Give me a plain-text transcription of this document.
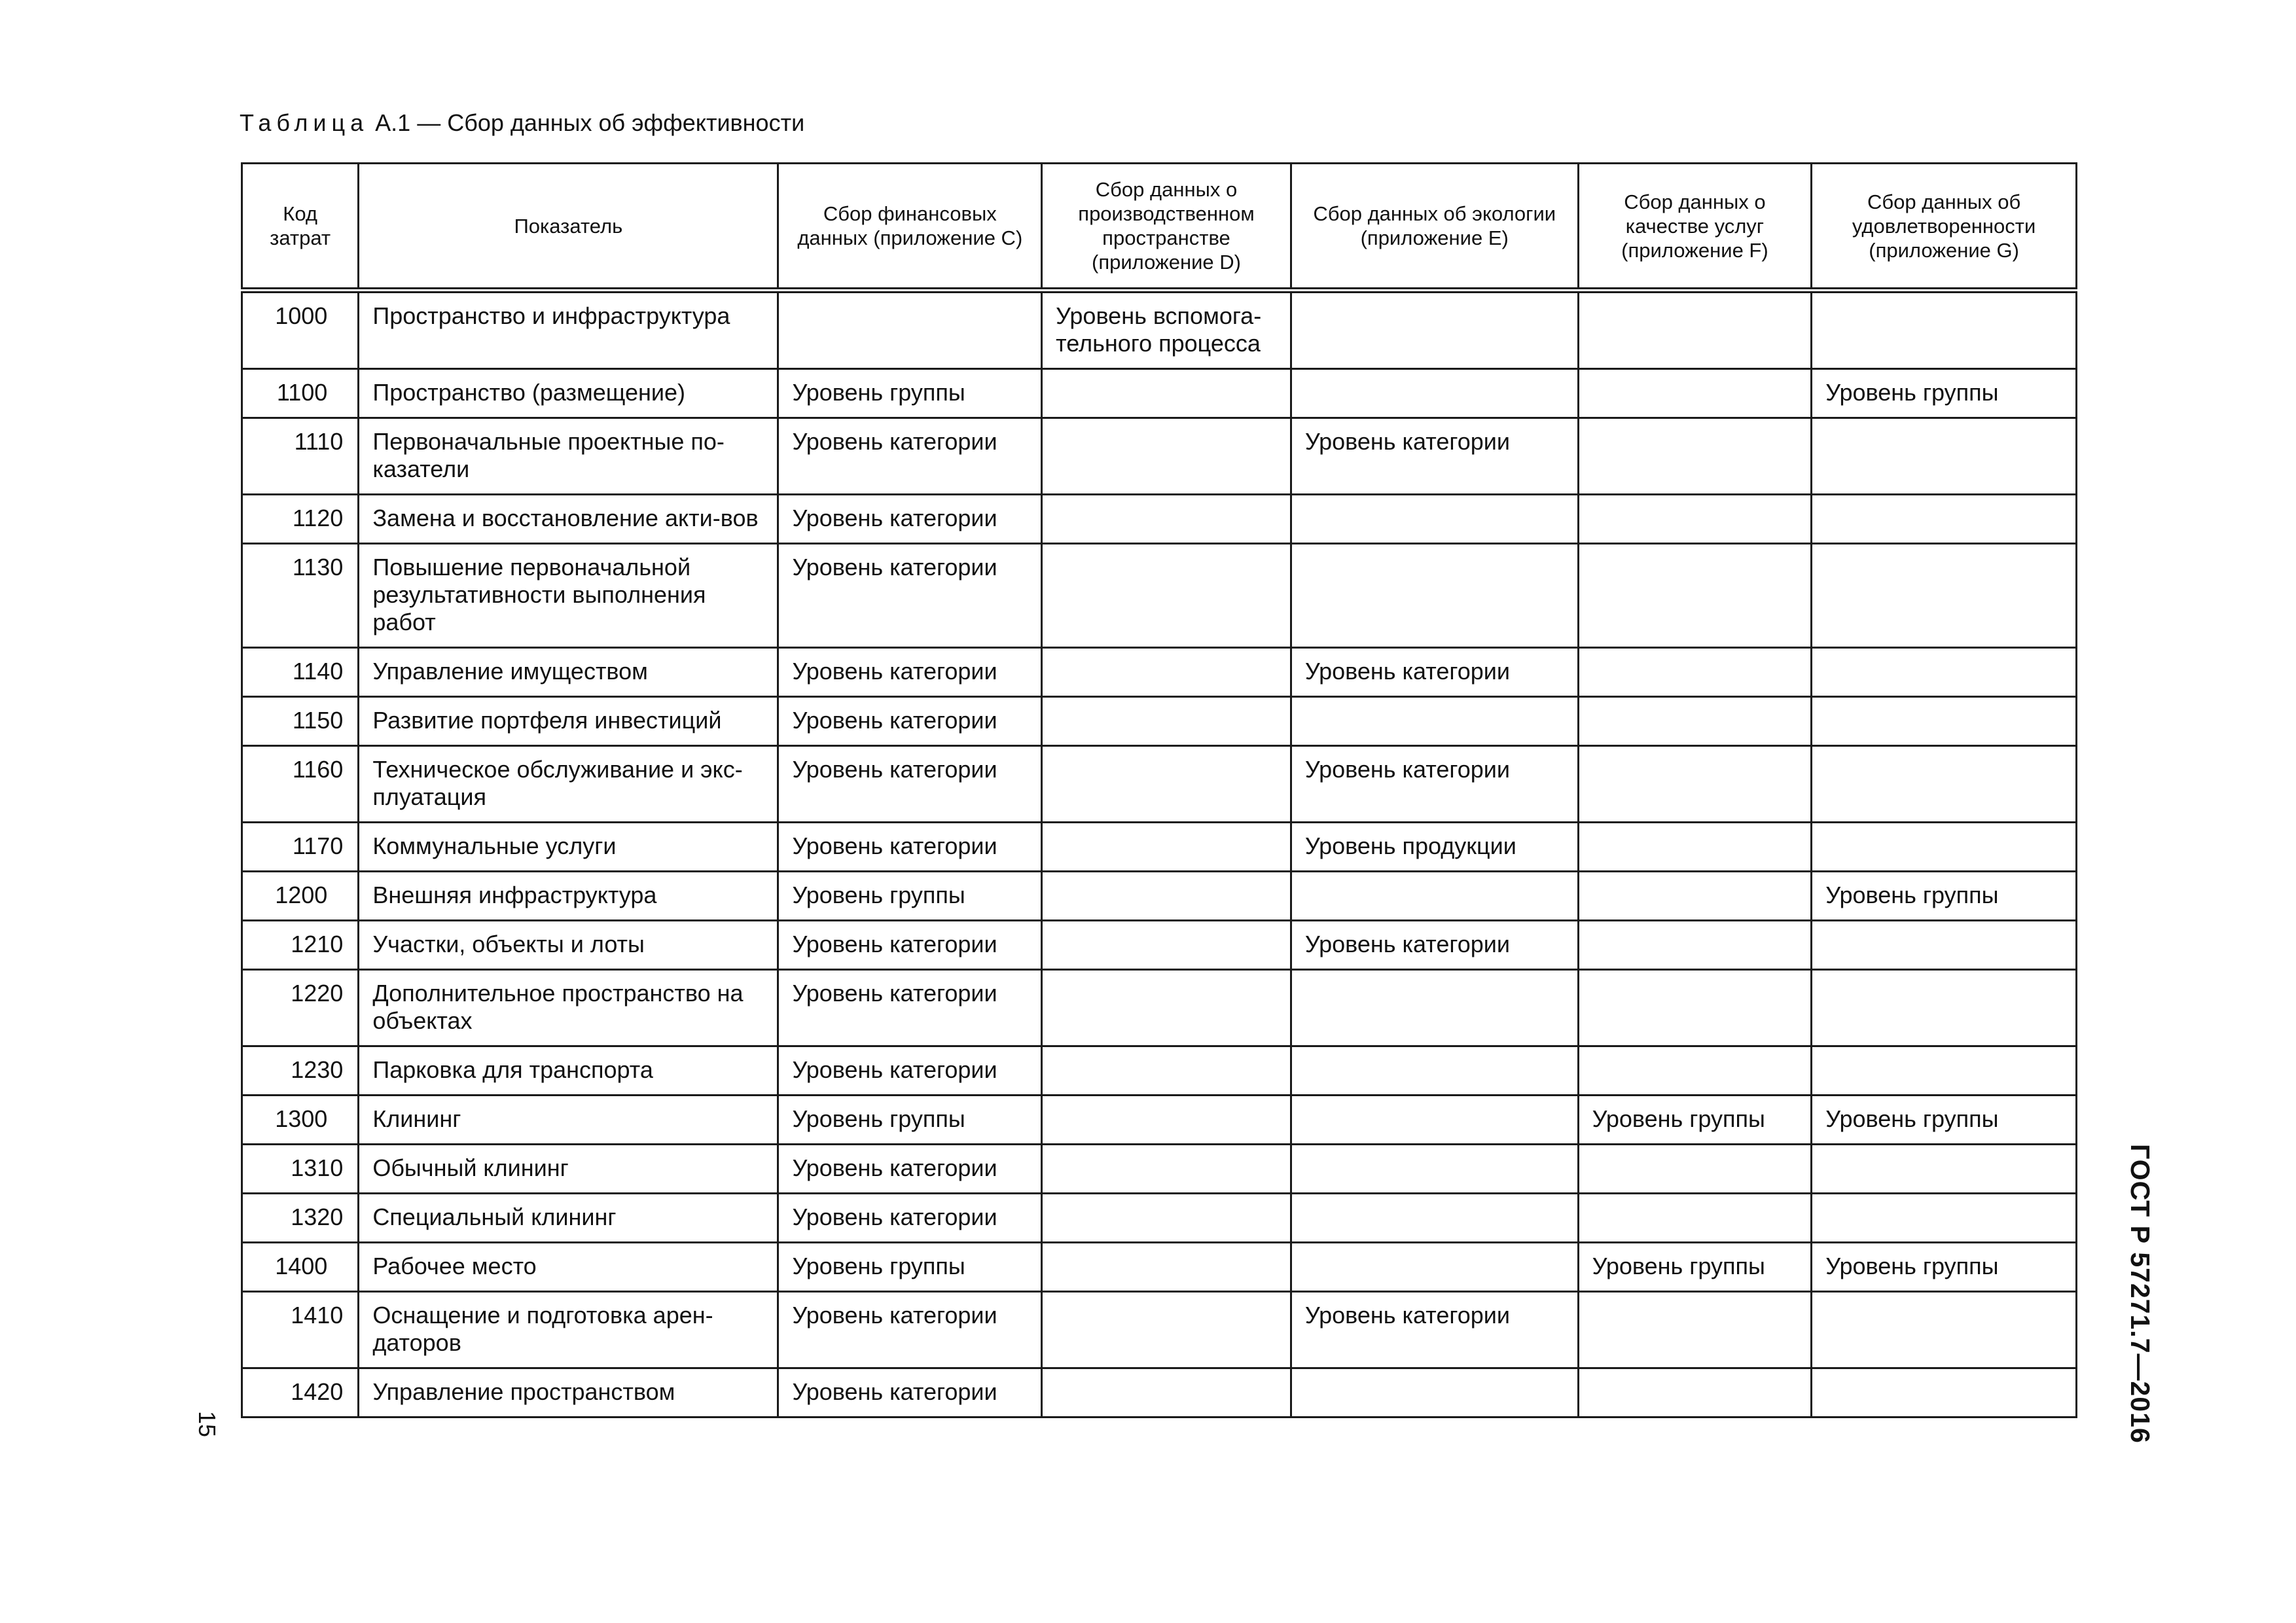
Таблица А.1 — Сбор данных об эффективности
Код затрат	Показатель	Сбор финансовых данных (приложение С)	Сбор данных о производственном пространстве (приложение D)	Сбор данных об экологии (приложение Е)	Сбор данных о качестве услуг (приложение F)	Сбор данных об удовлетворенности (приложение G)
1000	Пространство и инфраструктура		Уровень вспомога-тельного процесса			
1100	Пространство (размещение)	Уровень группы				Уровень группы
1110	Первоначальные проектные по-казатели	Уровень категории		Уровень категории		
1120	Замена и восстановление акти-вов	Уровень категории				
1130	Повышение первоначальной результативности выполнения работ	Уровень категории				
1140	Управление имуществом	Уровень категории		Уровень категории		
1150	Развитие портфеля инвестиций	Уровень категории				
1160	Техническое обслуживание и экс-плуатация	Уровень категории		Уровень категории		
1170	Коммунальные услуги	Уровень категории		Уровень продукции		
1200	Внешняя инфраструктура	Уровень группы				Уровень группы
1210	Участки, объекты и лоты	Уровень категории		Уровень категории		
1220	Дополнительное пространство на объектах	Уровень категории				
1230	Парковка для транспорта	Уровень категории				
1300	Клининг	Уровень группы			Уровень группы	Уровень группы
1310	Обычный клининг	Уровень категории				
1320	Специальный клининг	Уровень категории				
1400	Рабочее место	Уровень группы			Уровень группы	Уровень группы
1410	Оснащение и подготовка арен-даторов	Уровень категории		Уровень категории		
1420	Управление пространством	Уровень категории					ГОСТ Р 57271.7—2016
15
